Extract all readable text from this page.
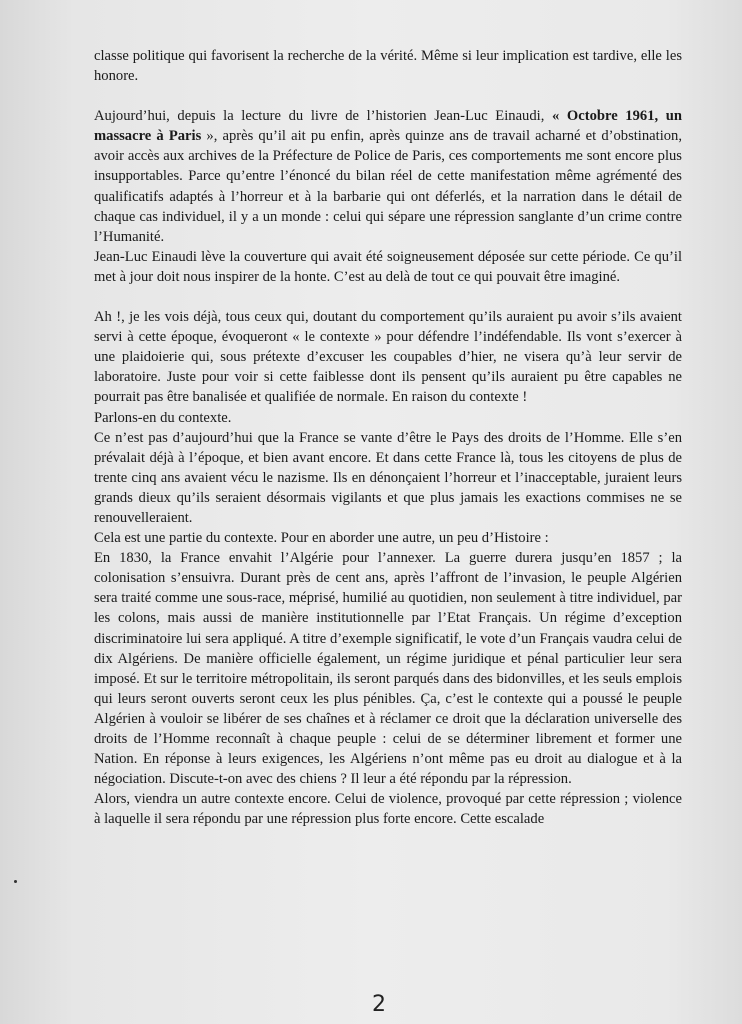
classe politique qui favorisent la recherche de la vérité. Même si leur implication est tardive, elle les honore.

Aujourd’hui, depuis la lecture du livre de l’historien Jean-Luc Einaudi, « Octobre 1961, un massacre à Paris », après qu’il ait pu enfin, après quinze ans de travail acharné et d’obstination, avoir accès aux archives de la Préfecture de Police de Paris, ces comportements me sont encore plus insupportables. Parce qu’entre l’énoncé du bilan réel de cette manifestation même agrémenté des qualificatifs adaptés à l’horreur et à la barbarie qui ont déferlés, et la narration dans le détail de chaque cas individuel, il y a un monde : celui qui sépare une répression sanglante d’un crime contre l’Humanité.

Jean-Luc Einaudi lève la couverture qui avait été soigneusement déposée sur cette période. Ce qu’il met à jour doit nous inspirer de la honte. C’est au delà de tout ce qui pouvait être imaginé.

Ah !, je les vois déjà, tous ceux qui, doutant du comportement qu’ils auraient pu avoir s’ils avaient servi à cette époque, évoqueront « le contexte » pour défendre l’indéfendable. Ils vont s’exercer à une plaidoierie qui, sous prétexte d’excuser les coupables d’hier, ne visera qu’à leur servir de laboratoire. Juste pour voir si cette faiblesse dont ils pensent qu’ils auraient pu être capables ne pourrait pas être banalisée et qualifiée de normale. En raison du contexte !

Parlons-en du contexte.

Ce n’est pas d’aujourd’hui que la France se vante d’être le Pays des droits de l’Homme. Elle s’en prévalait déjà à l’époque, et bien avant encore. Et dans cette France là, tous les citoyens de plus de trente cinq ans avaient vécu le nazisme. Ils en dénonçaient l’horreur et l’inacceptable, juraient leurs grands dieux qu’ils seraient désormais vigilants et que plus jamais les exactions commises ne se renouvelleraient.

Cela est une partie du contexte. Pour en aborder une autre, un peu d’Histoire :

En 1830, la France envahit l’Algérie pour l’annexer. La guerre durera jusqu’en 1857 ; la colonisation s’ensuivra. Durant près de cent ans, après l’affront de l’invasion, le peuple Algérien sera traité comme une sous-race, méprisé, humilié au quotidien, non seulement à titre individuel, par les colons, mais aussi de manière institutionnelle par l’Etat Français. Un régime d’exception discriminatoire lui sera appliqué. A titre d’exemple significatif, le vote d’un Français vaudra celui de dix Algériens. De manière officielle également, un régime juridique et pénal particulier leur sera imposé. Et sur le territoire métropolitain, ils seront parqués dans des bidonvilles, et les seuls emplois qui leurs seront ouverts seront ceux les plus pénibles. Ça, c’est le contexte qui a poussé le peuple Algérien à vouloir se libérer de ses chaînes et à réclamer ce droit que la déclaration universelle des droits de l’Homme reconnaît à chaque peuple : celui de se déterminer librement et former une Nation. En réponse à leurs exigences, les Algériens n’ont même pas eu droit au dialogue et à la négociation. Discute-t-on avec des chiens ? Il leur a été répondu par la répression.

Alors, viendra un autre contexte encore. Celui de violence, provoqué par cette répression ; violence à laquelle il sera répondu par une répression plus forte encore. Cette escalade

2
